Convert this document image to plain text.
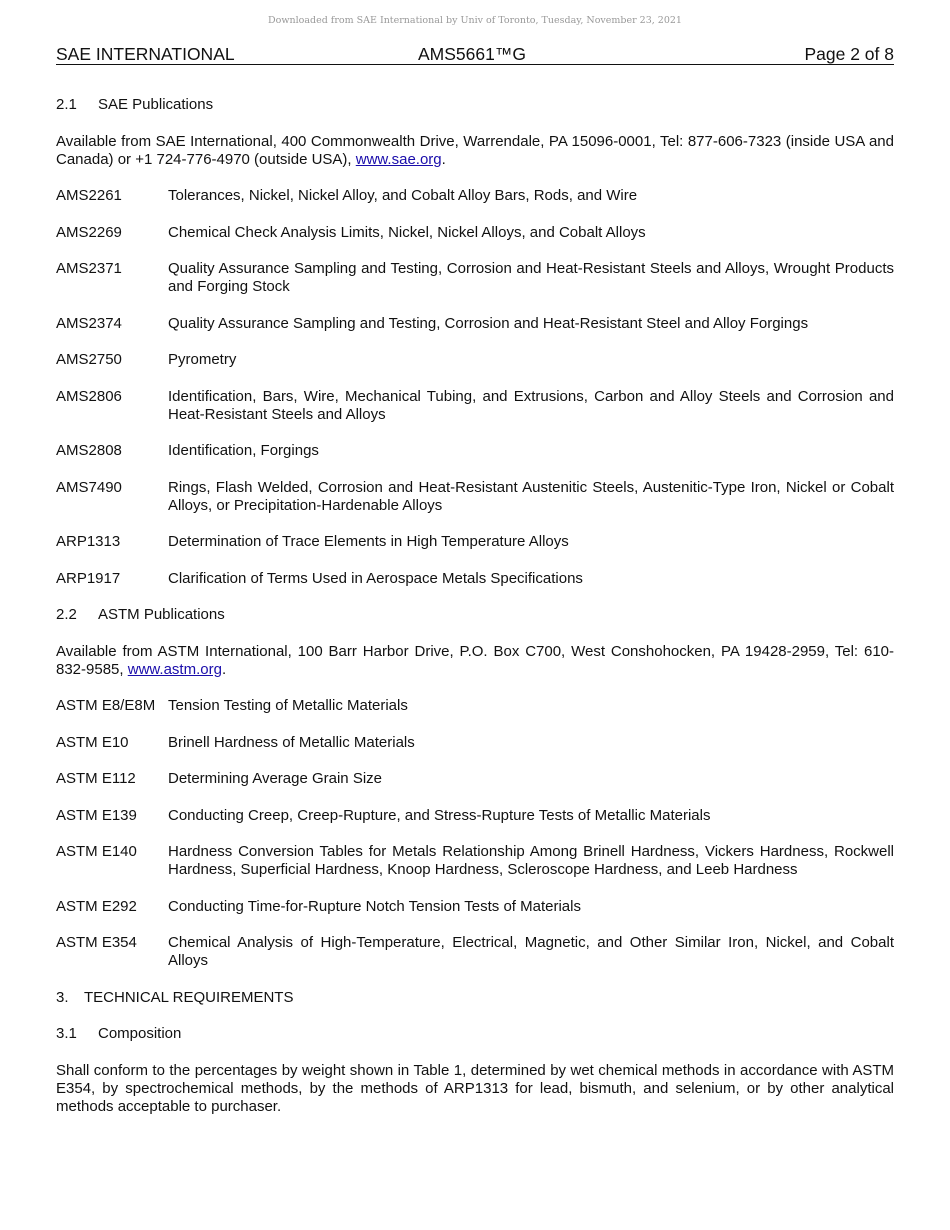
Downloaded from SAE International by Univ of Toronto, Tuesday, November 23, 2021
SAE INTERNATIONAL	AMS5661™G	Page 2 of 8
2.1 SAE Publications

Available from SAE International, 400 Commonwealth Drive, Warrendale, PA 15096-0001, Tel: 877-606-7323 (inside USA and Canada) or +1 724-776-4970 (outside USA), www.sae.org.

AMS2261	Tolerances, Nickel, Nickel Alloy, and Cobalt Alloy Bars, Rods, and Wire
AMS2269	Chemical Check Analysis Limits, Nickel, Nickel Alloys, and Cobalt Alloys
AMS2371	Quality Assurance Sampling and Testing, Corrosion and Heat-Resistant Steels and Alloys, Wrought Products and Forging Stock
AMS2374	Quality Assurance Sampling and Testing, Corrosion and Heat-Resistant Steel and Alloy Forgings
AMS2750	Pyrometry
AMS2806	Identification, Bars, Wire, Mechanical Tubing, and Extrusions, Carbon and Alloy Steels and Corrosion and Heat-Resistant Steels and Alloys
AMS2808	Identification, Forgings
AMS7490	Rings, Flash Welded, Corrosion and Heat-Resistant Austenitic Steels, Austenitic-Type Iron, Nickel or Cobalt Alloys, or Precipitation-Hardenable Alloys
ARP1313	Determination of Trace Elements in High Temperature Alloys
ARP1917	Clarification of Terms Used in Aerospace Metals Specifications
2.2 ASTM Publications

Available from ASTM International, 100 Barr Harbor Drive, P.O. Box C700, West Conshohocken, PA 19428-2959, Tel: 610-832-9585, www.astm.org.

ASTM E8/E8M Tension Testing of Metallic Materials
ASTM E10	Brinell Hardness of Metallic Materials
ASTM E112	Determining Average Grain Size
ASTM E139	Conducting Creep, Creep-Rupture, and Stress-Rupture Tests of Metallic Materials
ASTM E140	Hardness Conversion Tables for Metals Relationship Among Brinell Hardness, Vickers Hardness, Rockwell Hardness, Superficial Hardness, Knoop Hardness, Scleroscope Hardness, and Leeb Hardness
ASTM E292	Conducting Time-for-Rupture Notch Tension Tests of Materials
ASTM E354	Chemical Analysis of High-Temperature, Electrical, Magnetic, and Other Similar Iron, Nickel, and Cobalt Alloys
3. TECHNICAL REQUIREMENTS
3.1 Composition

Shall conform to the percentages by weight shown in Table 1, determined by wet chemical methods in accordance with ASTM E354, by spectrochemical methods, by the methods of ARP1313 for lead, bismuth, and selenium, or by other analytical methods acceptable to purchaser.
